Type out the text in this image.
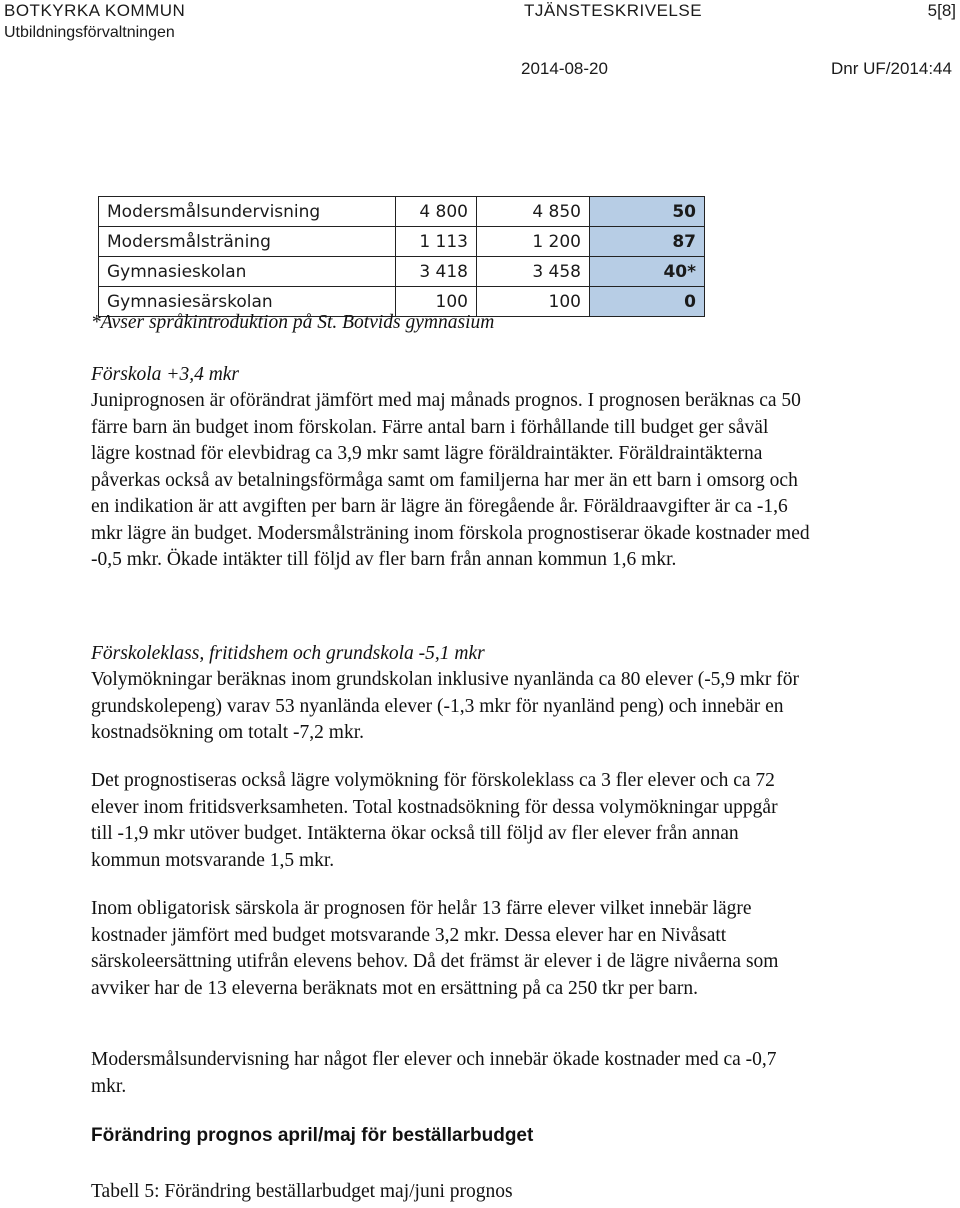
BOTKYRKA KOMMUN
Utbildningsförvaltningen
TJÄNSTESKRIVELSE	5[8]
2014-08-20	Dnr UF/2014:44
Modersmålsundervisning	4 800	4 850	50
Modersmålsträning	1 113	1 200	87
Gymnasieskolan	3 418	3 458	40*
Gymnasiesärskolan	100	100	0

*Avser språkintroduktion på St. Botvids gymnasium

Förskola +3,4 mkr

Juniprognosen är oförändrat jämfört med maj månads prognos. I prognosen beräknas ca 50 färre barn än budget inom förskolan. Färre antal barn i förhållande till budget ger såväl lägre kostnad för elevbidrag ca 3,9 mkr samt lägre föräldraintäkter. Föräldraintäkterna påverkas också av betalningsförmåga samt om familjerna har mer än ett barn i omsorg och en indikation är att avgiften per barn är lägre än föregående år. Föräldraavgifter är ca -1,6 mkr lägre än budget. Modersmålsträning inom förskola prognostiserar ökade kostnader med -0,5 mkr. Ökade intäkter till följd av fler barn från annan kommun 1,6 mkr.

Förskoleklass, fritidshem och grundskola -5,1 mkr

Volymökningar beräknas inom grundskolan inklusive nyanlända ca 80 elever (-5,9 mkr för grundskolepeng) varav 53 nyanlända elever (-1,3 mkr för nyanländ peng) och innebär en kostnadsökning om totalt -7,2 mkr.

Det prognostiseras också lägre volymökning för förskoleklass ca 3 fler elever och ca 72 elever inom fritidsverksamheten. Total kostnadsökning för dessa volymökningar uppgår till -1,9 mkr utöver budget. Intäkterna ökar också till följd av fler elever från annan kommun motsvarande 1,5 mkr.

Inom obligatorisk särskola är prognosen för helår 13 färre elever vilket innebär lägre kostnader jämfört med budget motsvarande 3,2 mkr. Dessa elever har en Nivåsatt särskoleersättning utifrån elevens behov. Då det främst är elever i de lägre nivåerna som avviker har de 13 eleverna beräknats mot en ersättning på ca 250 tkr per barn.

Modersmålsundervisning har något fler elever och innebär ökade kostnader med ca -0,7 mkr.

Förändring prognos april/maj för beställarbudget

Tabell 5: Förändring beställarbudget maj/juni prognos
